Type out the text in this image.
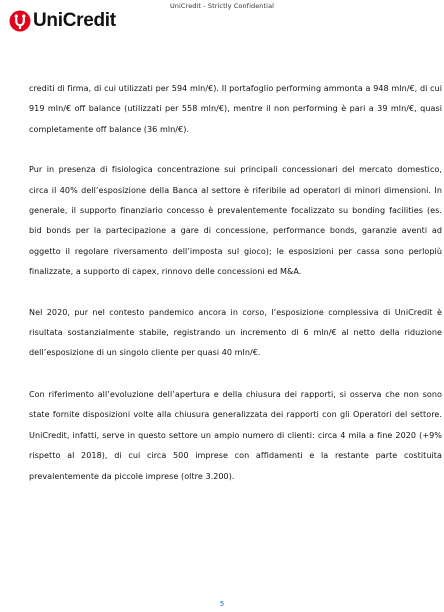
UniCredit - Strictly Confidential
UniCredit

crediti di firma, di cui utilizzati per 594 mln/€). Il portafoglio performing ammonta a 948 mln/€, di cui 919 mln/€ off balance (utilizzati per 558 mln/€), mentre il non performing è pari a 39 mln/€, quasi completamente off balance (36 mln/€).

Pur in presenza di fisiologica concentrazione sui principali concessionari del mercato domestico, circa il 40% dell’esposizione della Banca al settore è riferibile ad operatori di minori dimensioni. In generale, il supporto finanziario concesso è prevalentemente focalizzato su bonding facilities (es. bid bonds per la partecipazione a gare di concessione, performance bonds, garanzie aventi ad oggetto il regolare riversamento dell’imposta sul gioco); le esposizioni per cassa sono perlopiù finalizzate, a supporto di capex, rinnovo delle concessioni ed M&A.

Nel 2020, pur nel contesto pandemico ancora in corso, l’esposizione complessiva di UniCredit è risultata sostanzialmente stabile, registrando un incremento di 6 mln/€ al netto della riduzione dell’esposizione di un singolo cliente per quasi 40 mln/€.

Con riferimento all’evoluzione dell’apertura e della chiusura dei rapporti, si osserva che non sono state fornite disposizioni volte alla chiusura generalizzata dei rapporti con gli Operatori del settore. UniCredit, infatti, serve in questo settore un ampio numero di clienti: circa 4 mila a fine 2020 (+9% rispetto al 2018), di cui circa 500 imprese con affidamenti e la restante parte costituita prevalentemente da piccole imprese (oltre 3.200).

5
